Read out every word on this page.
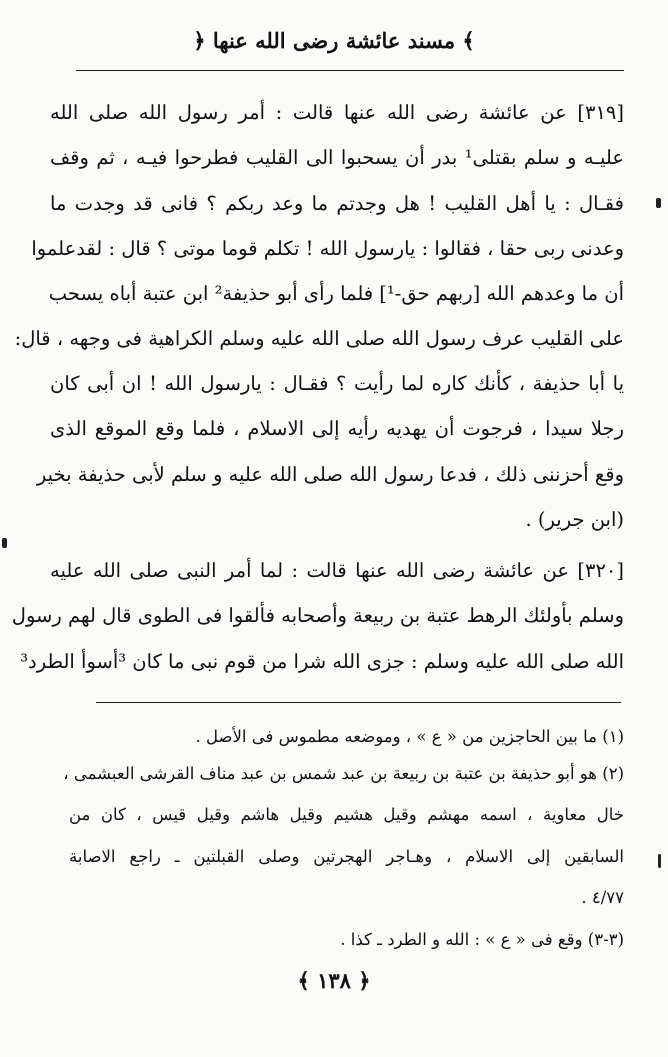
﴿ مسند عائشة رضى الله عنها ﴾
[٣١٩] عن عائشة رضى الله عنها قالت : أمر رسول الله صلى الله
عليـه و سلم بقتلى¹ بدر أن يسحبوا الى القليب فطرحوا فيـه ، ثم وقف
فقـال : يا أهل القليب ! هل وجدتم ما وعد ربكم ؟ فانى قد وجدت ما
وعدنى ربى حقا ، فقالوا : يارسول الله ! تكلم قوما موتى ؟ قال : لقدعلموا
أن ما وعدهم الله [ربهم حق-¹] فلما رأى أبو حذيفة² ابن عتبة أباه يسحب
على القليب عرف رسول الله صلى الله عليه وسلم الكراهية فى وجهه ، قال:
يا أبا حذيفة ، كأنك كاره لما رأيت ؟ فقـال : يارسول الله ! ان أبى كان
رجلا سيدا ، فرجوت أن يهديه رأيه إلى الاسلام ، فلما وقع الموقع الذى
وقع أحزننى ذلك ، فدعا رسول الله صلى الله عليه و سلم لأبى حذيفة بخير
(ابن جرير) .
[٣٢٠] عن عائشة رضى الله عنها قالت : لما أمر النبى صلى الله عليه
وسلم بأولئك الرهط عتبة بن ربيعة وأصحابه فألقوا فى الطوى قال لهم رسول
الله صلى الله عليه وسلم : جزى الله شرا من قوم نبى ما كان ³أسوأ الطرد³
(١) ما بين الحاجزين من « ع » ، وموضعه مطموس فى الأصل .
(٢) هو أبو حذيفة بن عتبة بن ربيعة بن عبد شمس بن عبد مناف القرشى العبشمى ،
خال معاوية ، اسمه مهشم وقيل هشيم وقيل هاشم وقيل قيس ، كان من
السابقين إلى الاسلام ، وهـاجر الهجرتين وصلى القبلتين ـ راجع الاصابة
٤/٧٧ .
(٣-٣) وقع فى « ع » : الله و الطرد ـ كذا .
﴿ ١٣٨ ﴾
